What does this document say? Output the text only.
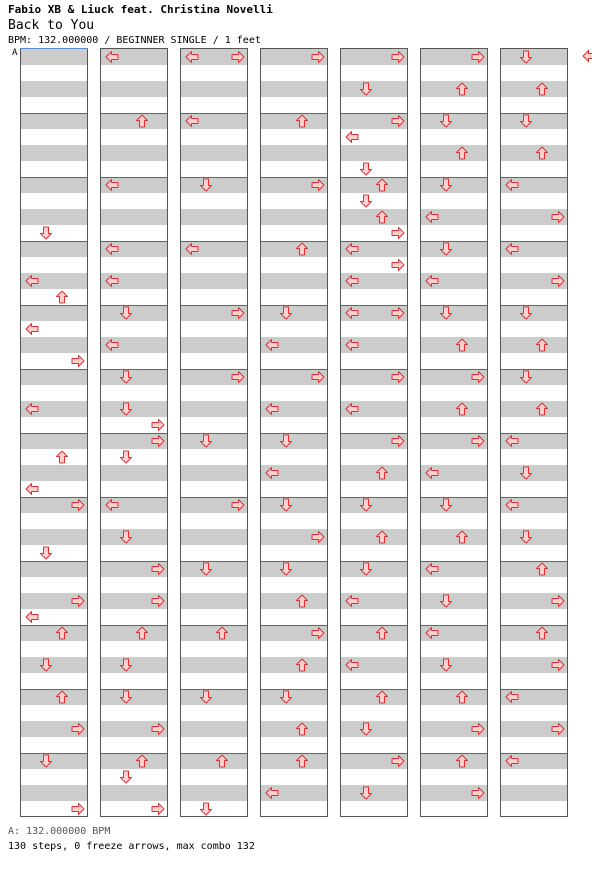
Fabio XB & Liuck feat. Christina Novelli
Back to You
BPM: 132.000000 / BEGINNER SINGLE / 1 feet
A
A: 132.000000 BPM
130 steps, 0 freeze arrows, max combo 132
